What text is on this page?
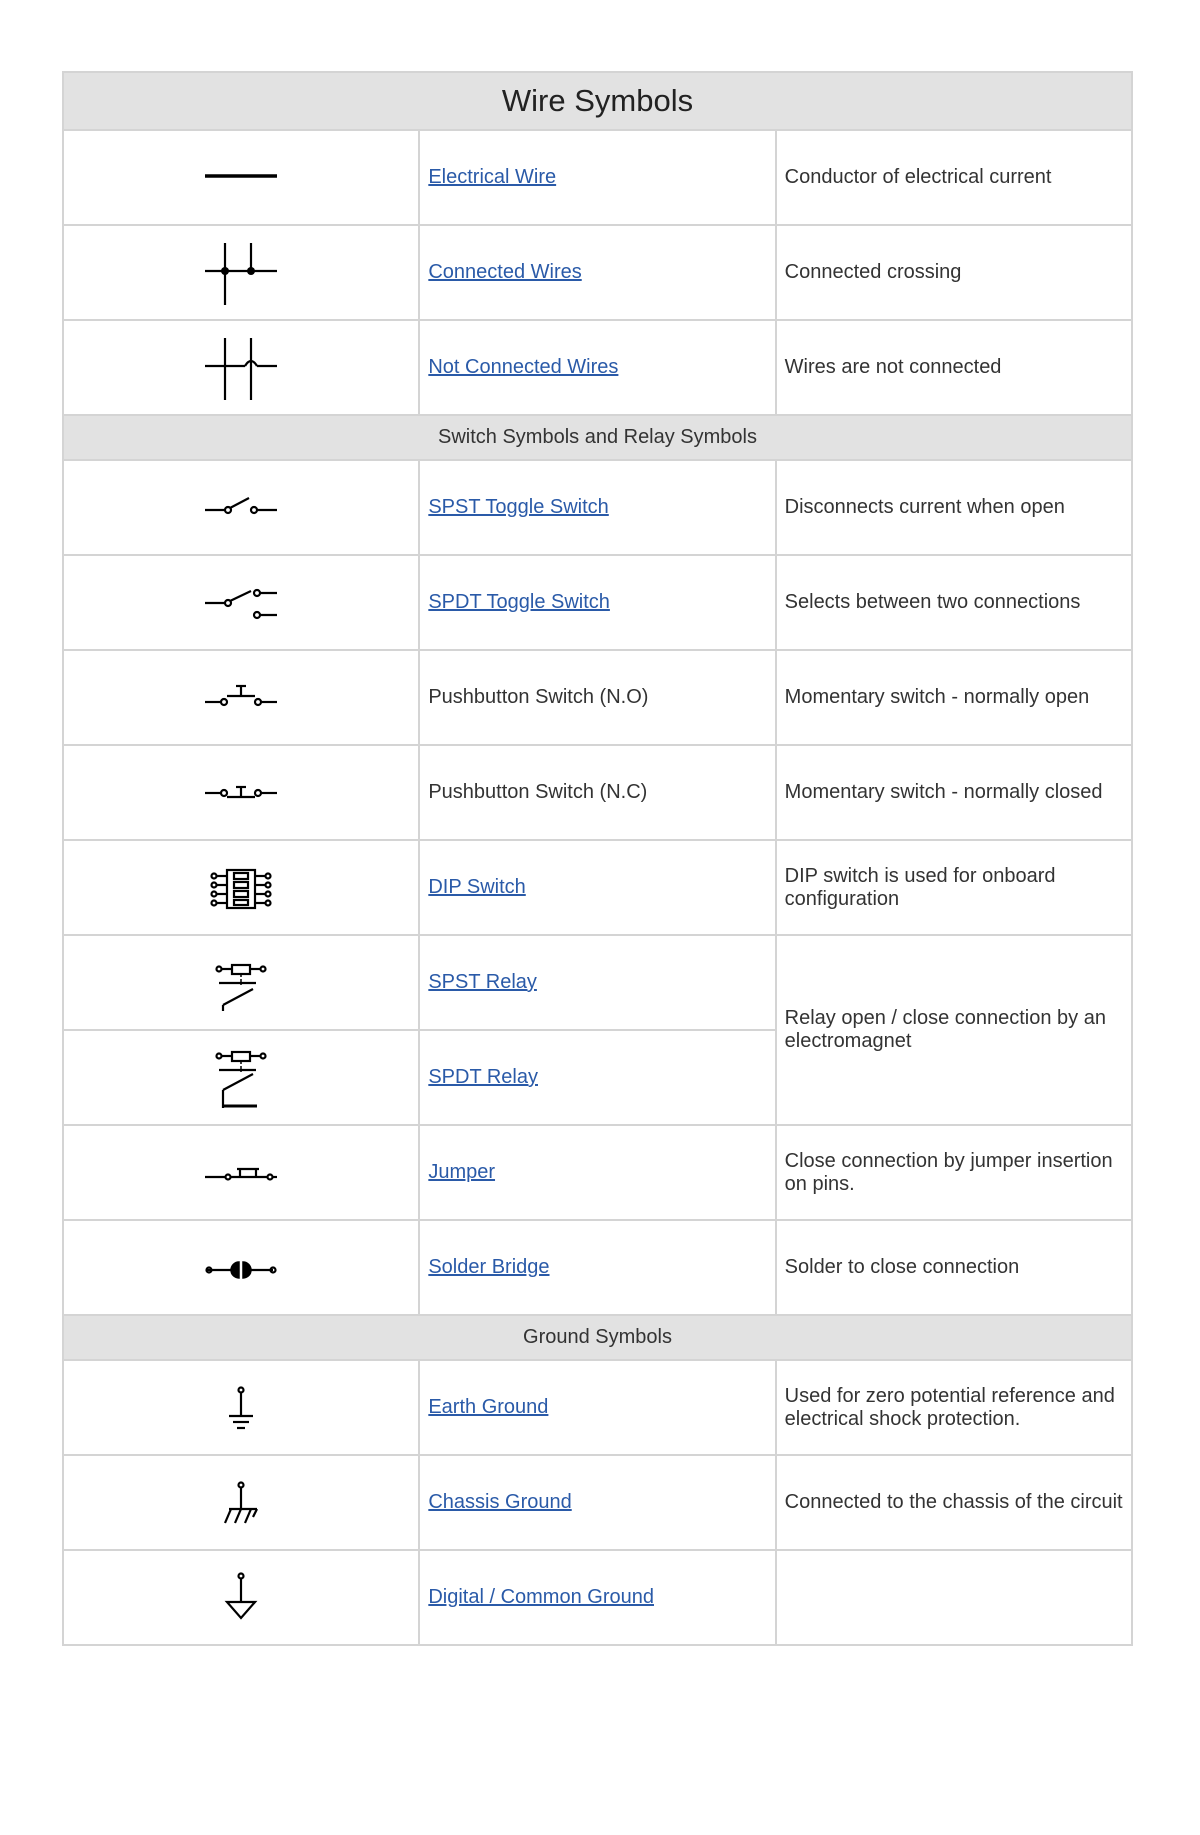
Wire Symbols		

	Electrical Wire	Conductor of electrical current

	Connected Wires	Connected crossing

	Not Connected Wires	Wires are not connected
Switch Symbols and Relay Symbols		

	SPST Toggle Switch	Disconnects current when open

	SPDT Toggle Switch	Selects between two connections

	Pushbutton Switch (N.O)	Momentary switch - normally open

	Pushbutton Switch (N.C)	Momentary switch - normally closed

	DIP Switch	DIP switch is used for onboard configuration

	SPST Relay	Relay open / close connection by an electromagnet

	SPDT Relay	

	Jumper	Close connection by jumper insertion on pins.

	Solder Bridge	Solder to close connection
Ground Symbols		

	Earth Ground	Used for zero potential reference and electrical shock protection.

	Chassis Ground	Connected to the chassis of the circuit

	Digital / Common Ground	
